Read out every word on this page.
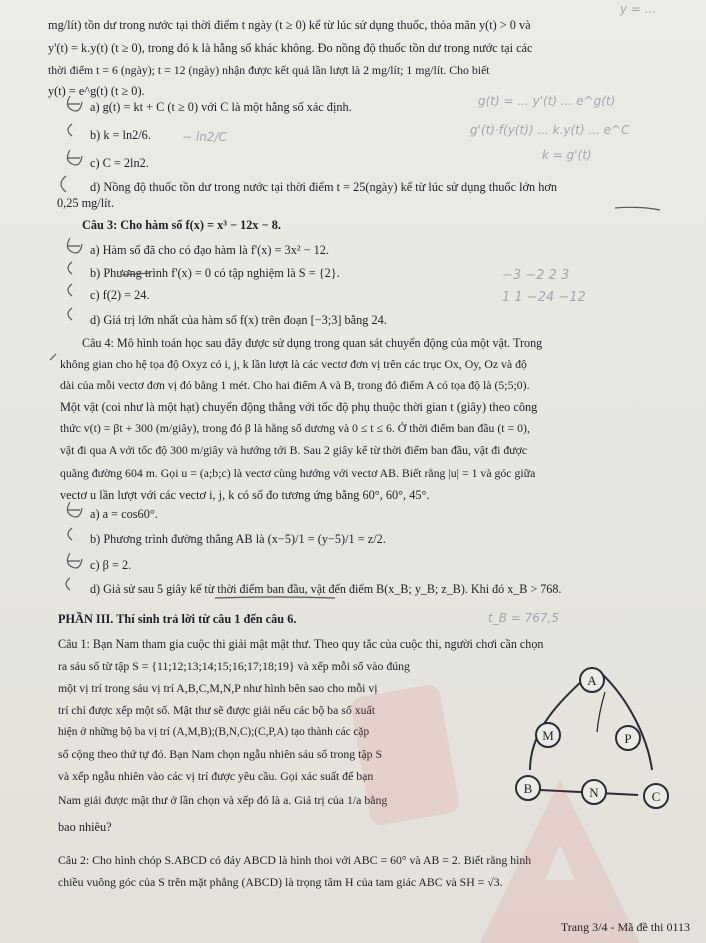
mg/lít) tồn dư trong nước tại thời điểm t ngày (t ≥ 0) kể từ lúc sử dụng thuốc, thỏa mãn y(t) > 0 và
y'(t) = k.y(t) (t ≥ 0), trong đó k là hằng số khác không. Đo nồng độ thuốc tồn dư trong nước tại các
thời điểm t = 6 (ngày); t = 12 (ngày) nhận được kết quả lần lượt là 2 mg/lít; 1 mg/lít. Cho biết
y(t) = e^g(t) (t ≥ 0).
a) g(t) = kt + C (t ≥ 0) với C là một hằng số xác định.
b) k = ln2/6.
c) C = 2ln2.
d) Nồng độ thuốc tồn dư trong nước tại thời điểm t = 25(ngày) kể từ lúc sử dụng thuốc lớn hơn
0,25 mg/lít.
Câu 3: Cho hàm số f(x) = x³ − 12x − 8.
a) Hàm số đã cho có đạo hàm là f'(x) = 3x² − 12.
b) Phương trình f'(x) = 0 có tập nghiệm là S = {2}.
c) f(2) = 24.
d) Giá trị lớn nhất của hàm số f(x) trên đoạn [−3;3] bằng 24.
Câu 4: Mô hình toán học sau đây được sử dụng trong quan sát chuyển động của một vật. Trong
không gian cho hệ tọa độ Oxyz có i, j, k lần lượt là các vectơ đơn vị trên các trục Ox, Oy, Oz và độ
dài của mỗi vectơ đơn vị đó bằng 1 mét. Cho hai điểm A và B, trong đó điểm A có tọa độ là (5;5;0).
Một vật (coi như là một hạt) chuyển động thẳng với tốc độ phụ thuộc thời gian t (giây) theo công
thức v(t) = βt + 300 (m/giây), trong đó β là hằng số dương và 0 ≤ t ≤ 6. Ở thời điểm ban đầu (t = 0),
vật đi qua A với tốc độ 300 m/giây và hướng tới B. Sau 2 giây kể từ thời điểm ban đầu, vật đi được
quãng đường 604 m. Gọi u = (a;b;c) là vectơ cùng hướng với vectơ AB. Biết rằng |u| = 1 và góc giữa
vectơ u lần lượt với các vectơ i, j, k có số đo tương ứng bằng 60°, 60°, 45°.
a) a = cos60°.
b) Phương trình đường thẳng AB là (x−5)/1 = (y−5)/1 = z/2.
c) β = 2.
d) Giả sử sau 5 giây kể từ thời điểm ban đầu, vật đến điểm B(x_B; y_B; z_B). Khi đó x_B > 768.
PHẦN III. Thí sinh trả lời từ câu 1 đến câu 6.
Câu 1: Bạn Nam tham gia cuộc thi giải mật mật thư. Theo quy tắc của cuộc thi, người chơi cần chọn
ra sáu số từ tập S = {11;12;13;14;15;16;17;18;19} và xếp mỗi số vào đúng
một vị trí trong sáu vị trí A,B,C,M,N,P như hình bên sao cho mỗi vị
trí chỉ được xếp một số. Mật thư sẽ được giải nếu các bộ ba số xuất
hiện ở những bộ ba vị trí (A,M,B);(B,N,C);(C,P,A) tạo thành các cặp
số cộng theo thứ tự đó. Bạn Nam chọn ngẫu nhiên sáu số trong tập S
và xếp ngẫu nhiên vào các vị trí được yêu cầu. Gọi xác suất để bạn
Nam giải được mật thư ở lần chọn và xếp đó là a. Giá trị của 1/a bằng
bao nhiêu?
Câu 2: Cho hình chóp S.ABCD có đáy ABCD là hình thoi với ABC = 60° và AB = 2. Biết rằng hình
chiều vuông góc của S trên mặt phẳng (ABCD) là trọng tâm H của tam giác ABC và SH = √3.
g(t) = ... y'(t) ... e^g(t)
g'(t)·f(y(t)) ... k.y(t) ... e^C
k = g'(t)
− ln2/C
−3 −2 2 3
1 1 −24 −12
t_B = 767,5
y = ...
A
M	P
B	N	C
Trang 3/4 - Mã đề thi 0113
